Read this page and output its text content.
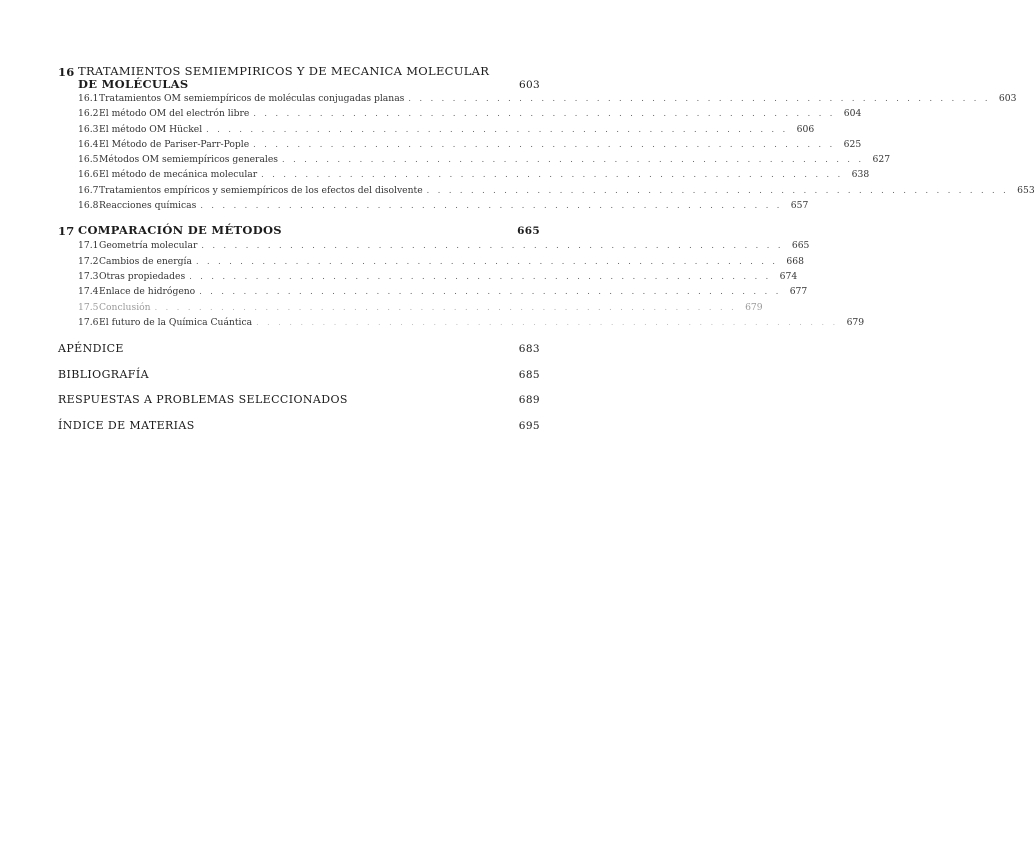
16 TRATAMIENTOS SEMIEMPIRICOS Y DE MECANICA MOLECULAR
DE MOLÉCULAS	603
16.1 Tratamientos OM semiempíricos de moléculas conjugadas planas . . . . . . . . . . . . . . . . . . . . . . . . . . . . . . . . . . . . . . . . . . . . . . . . . . . . . 603
16.2 El método OM del electrón libre . . . . . . . . . . . . . . . . . . . . . . . . . . . . . . . . . . . . . . . . . . . . . . . . . . . . . 604
16.3 El método OM Hückel . . . . . . . . . . . . . . . . . . . . . . . . . . . . . . . . . . . . . . . . . . . . . . . . . . . . . 606
16.4 El Método de Pariser-Parr-Pople . . . . . . . . . . . . . . . . . . . . . . . . . . . . . . . . . . . . . . . . . . . . . . . . . . . . . 625
16.5 Métodos OM semiempíricos generales . . . . . . . . . . . . . . . . . . . . . . . . . . . . . . . . . . . . . . . . . . . . . . . . . . . . . 627
16.6 El método de mecánica molecular . . . . . . . . . . . . . . . . . . . . . . . . . . . . . . . . . . . . . . . . . . . . . . . . . . . . . 638
16.7 Tratamientos empíricos y semiempíricos de los efectos del disolvente . . . . . . . . . . . . . . . . . . . . . . . . . . . . . . . . . . . . . . . . . . . . . . . . . . . . . 653
16.8 Reacciones químicas . . . . . . . . . . . . . . . . . . . . . . . . . . . . . . . . . . . . . . . . . . . . . . . . . . . . . 657
17 COMPARACIÓN DE MÉTODOS	665
17.1 Geometría molecular . . . . . . . . . . . . . . . . . . . . . . . . . . . . . . . . . . . . . . . . . . . . . . . . . . . . . 665
17.2 Cambios de energía . . . . . . . . . . . . . . . . . . . . . . . . . . . . . . . . . . . . . . . . . . . . . . . . . . . . . 668
17.3 Otras propiedades . . . . . . . . . . . . . . . . . . . . . . . . . . . . . . . . . . . . . . . . . . . . . . . . . . . . . 674
17.4 Enlace de hidrógeno . . . . . . . . . . . . . . . . . . . . . . . . . . . . . . . . . . . . . . . . . . . . . . . . . . . . . 677
17.5 Conclusión . . . . . . . . . . . . . . . . . . . . . . . . . . . . . . . . . . . . . . . . . . . . . . . . . . . . . 679
17.6 El futuro de la Química Cuántica . . . . . . . . . . . . . . . . . . . . . . . . . . . . . . . . . . . . . . . . . . . . . . . . . . . . . 679
APÉNDICE	683
BIBLIOGRAFÍA	685
RESPUESTAS A PROBLEMAS SELECCIONADOS	689
ÍNDICE DE MATERIAS	695
